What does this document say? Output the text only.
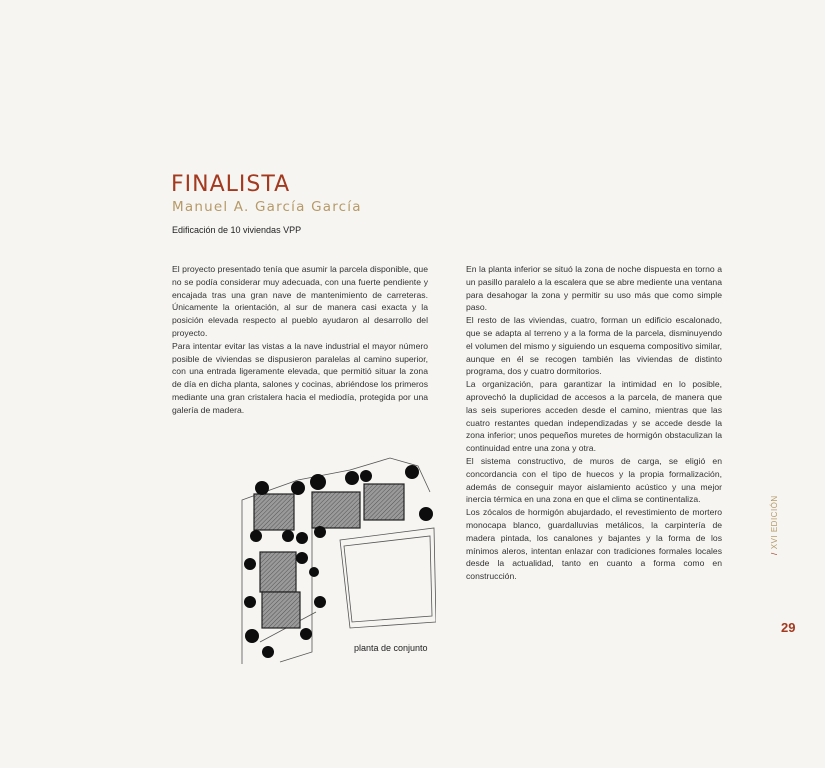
FINALISTA
Manuel A. García García
Edificación de 10 viviendas VPP

El proyecto presentado tenía que asumir la parcela disponible, que no se podía considerar muy adecuada, con una fuerte pendiente y encajada tras una gran nave de mantenimiento de carreteras. Únicamente la orientación, al sur de manera casi exacta y la posición elevada respecto al pueblo ayudaron al desarrollo del proyecto.

Para intentar evitar las vistas a la nave industrial el mayor número posible de viviendas se dispusieron paralelas al camino superior, con una entrada ligeramente elevada, que permitió situar la zona de día en dicha planta, salones y cocinas, abriéndose los primeros mediante una gran cristalera hacia el mediodía, protegida por una galería de madera.

En la planta inferior se situó la zona de noche dispuesta en torno a un pasillo paralelo a la escalera que se abre mediente una ventana para desahogar la zona y permitir su uso más que como simple paso.

El resto de las viviendas, cuatro, forman un edificio escalonado, que se adapta al terreno y a la forma de la parcela, disminuyendo el volumen del mismo y siguiendo un esquema compositivo similar, aunque en él se recogen también las viviendas de distinto programa, dos y cuatro dormitorios.

La organización, para garantizar la intimidad en lo posible, aprovechó la duplicidad de accesos a la parcela, de manera que las seis superiores acceden desde el camino, mientras que las cuatro restantes quedan independizadas y se accede desde la zona inferior; unos pequeños muretes de hormigón obstaculizan la continuidad entre una zona y otra.

El sistema constructivo, de muros de carga, se eligió en concordancia con el tipo de huecos y la propia formalización, además de conseguir mayor aislamiento acústico y una mejor inercia térmica en una zona en que el clima se continentaliza.

Los zócalos de hormigón abujardado, el revestimiento de mortero monocapa blanco, guardalluvias metálicos, la carpintería de madera pintada, los canalones y bajantes y la forma de los mínimos aleros, intentan enlazar con tradiciones formales locales desde la actualidad, tanto en cuanto a forma como en construcción.

planta de conjunto
/XVI EDICIÓN
29
